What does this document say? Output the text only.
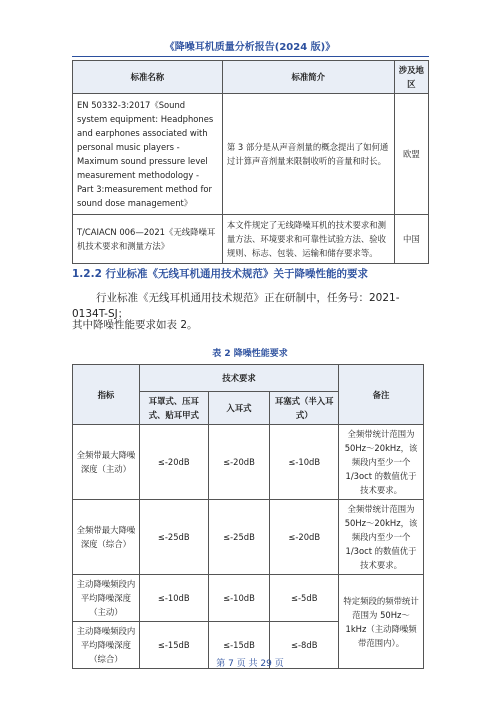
《降噪耳机质量分析报告(2024 版)》
标准名称	标准简介	涉及地区
EN 50332-3:2017《Sound system equipment: Headphones and earphones associated with personal music players - Maximum sound pressure level measurement methodology - Part 3:measurement method for sound dose management》	第 3 部分是从声音剂量的概念提出了如何通过计算声音剂量来限制收听的音量和时长。	欧盟
T/CAIACN 006—2021《无线降噪耳机技术要求和测量方法》	本文件规定了无线降噪耳机的技术要求和测量方法、环境要求和可靠性试验方法、验收规则、标志、包装、运输和储存要求等。	中国
1.2.2 行业标准《无线耳机通用技术规范》关于降噪性能的要求
行业标准《无线耳机通用技术规范》正在研制中，任务号：2021-0134T-SJ；
其中降噪性能要求如表 2。
表 2 降噪性能要求
指标	技术要求			备注
	耳罩式、压耳式、贴耳甲式	入耳式	耳塞式（半入耳式）	
全频带最大降噪深度（主动）	≤-20dB	≤-20dB	≤-10dB	全频带统计范围为50Hz～20kHz，该频段内至少一个 1/3oct 的数值优于技术要求。
全频带最大降噪深度（综合）	≤-25dB	≤-25dB	≤-20dB	全频带统计范围为50Hz～20kHz，该频段内至少一个 1/3oct 的数值优于技术要求。
主动降噪频段内平均降噪深度（主动）	≤-10dB	≤-10dB	≤-5dB	特定频段的频带统计范围为 50Hz～1kHz（主动降噪频带范围内）。
主动降噪频段内平均降噪深度（综合）	≤-15dB	≤-15dB	≤-8dB	
第 7 页 共 29 页
